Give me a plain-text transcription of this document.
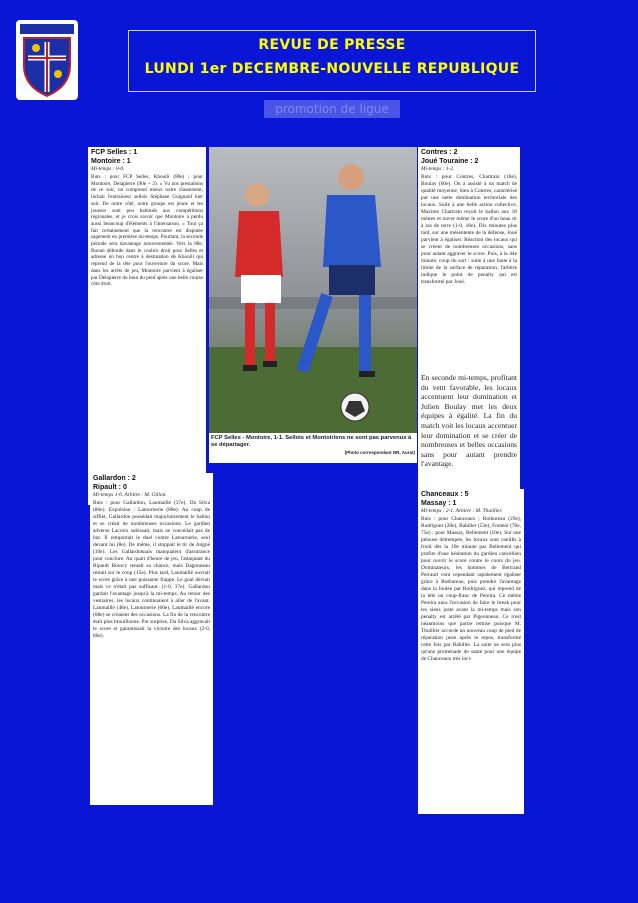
REVUE DE PRESSE
LUNDI 1er DECEMBRE-NOUVELLE REPUBLIQUE
promotion de ligue
FCP Selles : 1
Montoire : 1

Mi-temps : 0-0.

Buts : pour FCP Selles, Khouili (80e) ; pour Montoire, Delapierre (90e + 2). « Vu nos prestations de ce soir, on comprend mieux notre classement, lâchait l'entraîneur sellois Stéphane Guignard hier soir. De notre côté, notre groupe est jeune et les joueurs sont peu habitués aux compétitions régionales, et je crois savoir que Montoire a perdu aussi beaucoup d'éléments à l'intersaison. » Tout ça fait certainement que la rencontre est disputée sagement en première mi-temps. Pourtant, la seconde période sera davantage mouvementée. Vers la 80e, Rouan déborde dans le couloir droit pour Selles et adresse un bon centre à destination de Khouili qui reprend de la tête pour l'ouverture du score. Mais dans les arrêts de jeu, Montoire parvient à égaliser par Delapierre du bout du pied après une belle course côté droit.

FCP Selles - Montoire, 1-1. Sellois et Montoiriens ne sont pas parvenus à se départager.
(Photo correspondant NR, Aurat)
Contres : 2
Joué Touraine : 2

Mi-temps : 1-2.

Buts : pour Contres, Chartrain (18e), Boulay (60e). On a assisté à un match de qualité moyenne, bien à Contres, caractérisé par une nette domination territoriale des locaux. Suite à une belle action collective, Maxime Chartrain reçoit le ballon aux 18 mètres et ouvre même le score d'un beau tir à ras de terre (1-0, 18e). Dix minutes plus tard, sur une mésentente de la défense, Joué parvient à égaliser. Réaction des locaux qui se créent de nombreuses occasions, sans pour autant aggraver le score. Puis, à la 44e minute, coup du sort : suite à une faute à la limite de la surface de réparation, l'arbitre indique le point de penalty qui est transformé par Joué.

En seconde mi-temps, profitant du vent favorable, les locaux accentuent leur domination et Julien Boulay met les deux équipes à égalité. La fin du match voit les locaux accentuer leur domination et se créer de nombreuses et belles occasions sans pour autant prendre l'avantage.

Gallardon : 2
Ripault : 0

Mi-temps 1-0. Arbitre : M. Gillon.

Buts : pour Gallardon, Laumaillé (37e), Da Silva (86e). Expulsion : Latournerie (88e). Au coup de sifflet, Gallardon possédait majoritairement le ballon et se créait de nombreuses occasions. Le gardien adverse Lacroix subissait, mais ne concédait pas de but. Il remportait le duel contre Latournerie, seul devant lui (8e). De même, il stoppait le tir de Juigné (10e). Les Gallardonnais manquaient d'assurance pour conclure. Au quart d'heure de jeu, l'attaquant du Ripault Bourcy tentait sa chance, mais Dagonneau restait sur le coup (15e). Plus tard, Laumaillé ouvrait le score grâce à une puissante frappe. Le goal déviait mais ce n'était pas suffisant. (1-0, 37e). Gallardon gardait l'avantage jusqu'à la mi-temps. Au retour des vestiaires, les locaux continuaient à aller de l'avant. Laumaillé (48e), Latournerie (60e), Laumaillé encore (68e) se créaient des occasions. La fin de la rencontre était plus brouillonne. Par surprise, Da Silva aggravait le score et garantissait la victoire des locaux (2-0, 86e).

Chanceaux : 5
Massay : 1

Mi-temps : 2-1. Arbitre : M. Thuillier.

Buts : pour Chanceaux ; Rothureau (29e), Rodriguez (28e), Rabiller (53e), Fonteni (70e, 75e) ; pour Massay, Bellement (10e). Sur une pelouse détrempée, les locaux sont cueillis à froid dès la 10e minute par Bellement qui profite d'une hésitation du gardien cancellien pour ouvrir le score contre le cours du jeu. Dominateurs, les hommes de Bertrand Perrault vont cependant rapidement égaliser grâce à Rothureau, puis prendre l'avantage dans la foulée par Rodriguez, qui reprend de la tête un coup-franc de Pereira. Ce même Pereira aura l'occasion de faire le break pour les siens juste avant la mi-temps mais son penalty est arrêté par Pigeonneau. Ce n'est néanmoins que partie remise puisque M. Thuillier accorde un nouveau coup de pied de réparation juste après le repos, transformé cette fois par Rabiller. La suite ne sera plus qu'une promenade de santé pour une équipe de Chanceaux très inci-
